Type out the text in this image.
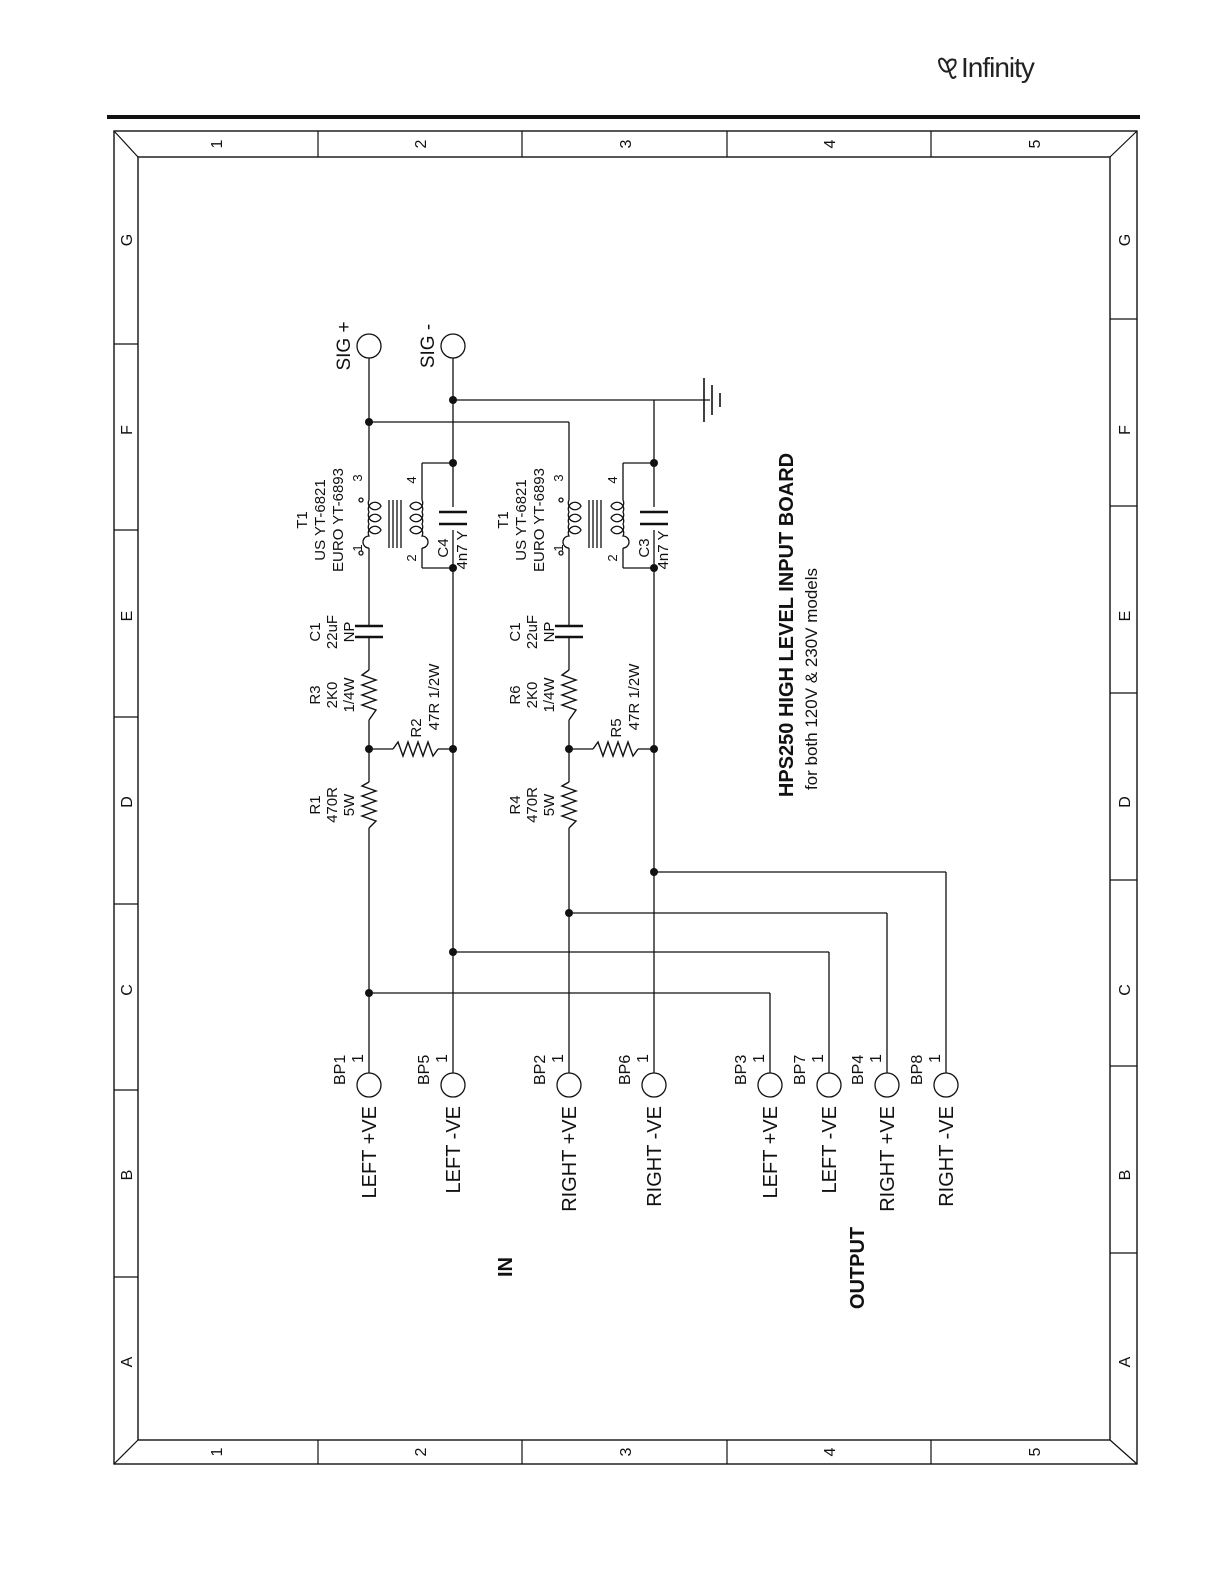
Infinity
1	2	3	4	5
1	2	3	4	5
G
F
E
D
C
B
A
G
F
E
D
C
B
A
SIG +	SIG -
BP1 1
LEFT +VE
BP5 1
LEFT -VE
BP2 1
RIGHT +VE
BP6 1
RIGHT -VE
BP3 1
LEFT +VE
BP7 1
LEFT -VE
BP4 1
RIGHT +VE
BP8 1
RIGHT -VE
IN	OUTPUT
HPS250 HIGH LEVEL INPUT BOARD for both 120V & 230V models
R1 470R 5W
R3 2K0 1/4W
R2 47R 1/2W
C1 22uF NP
T1 US YT-6821 EURO YT-6893 1
3
2
4
C4 4n7 Y
R4 470R 5W
R6 2K0 1/4W
R5 47R 1/2W
C1 22uF NP
T1 US YT-6821 EURO YT-6893 1
3
2
4
C3 4n7 Y
